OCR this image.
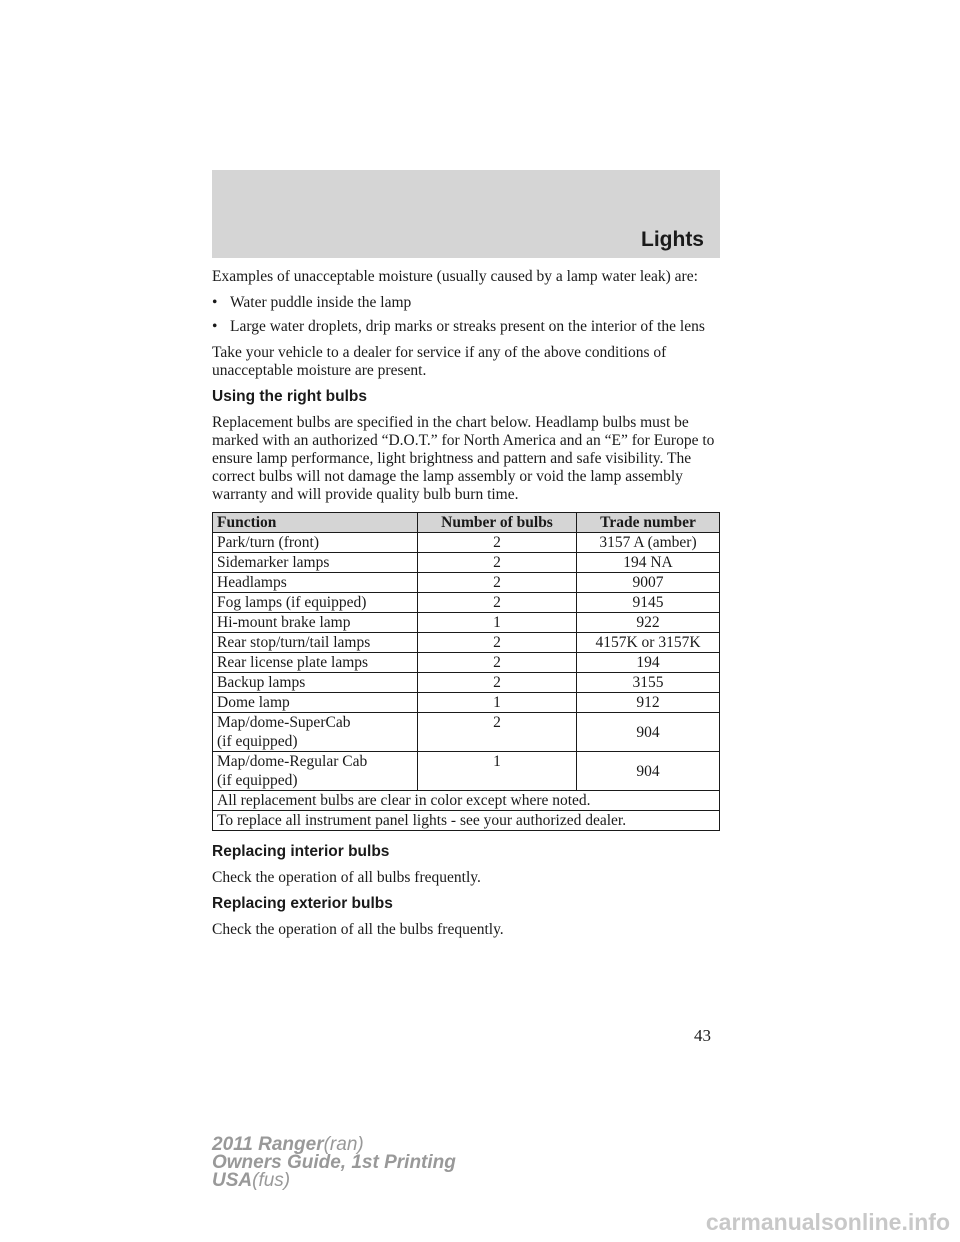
Lights

Examples of unacceptable moisture (usually caused by a lamp water leak) are:

• Water puddle inside the lamp
• Large water droplets, drip marks or streaks present on the interior of the lens

Take your vehicle to a dealer for service if any of the above conditions of unacceptable moisture are present.

Using the right bulbs

Replacement bulbs are specified in the chart below. Headlamp bulbs must be marked with an authorized “D.O.T.” for North America and an “E” for Europe to ensure lamp performance, light brightness and pattern and safe visibility. The correct bulbs will not damage the lamp assembly or void the lamp assembly warranty and will provide quality bulb burn time.

Function	Number of bulbs	Trade number
Park/turn (front)	2	3157 A (amber)
Sidemarker lamps	2	194 NA
Headlamps	2	9007
Fog lamps (if equipped)	2	9145
Hi-mount brake lamp	1	922
Rear stop/turn/tail lamps	2	4157K or 3157K
Rear license plate lamps	2	194
Backup lamps	2	3155
Dome lamp	1	912
Map/dome-SuperCab
(if equipped)	2	904
Map/dome-Regular Cab
(if equipped)	1	904
All replacement bulbs are clear in color except where noted.		
To replace all instrument panel lights - see your authorized dealer.		
Replacing interior bulbs

Check the operation of all bulbs frequently.

Replacing exterior bulbs

Check the operation of all the bulbs frequently.

43
2011 Ranger(ran)
Owners Guide, 1st Printing
USA(fus)
carmanualsonline.info
